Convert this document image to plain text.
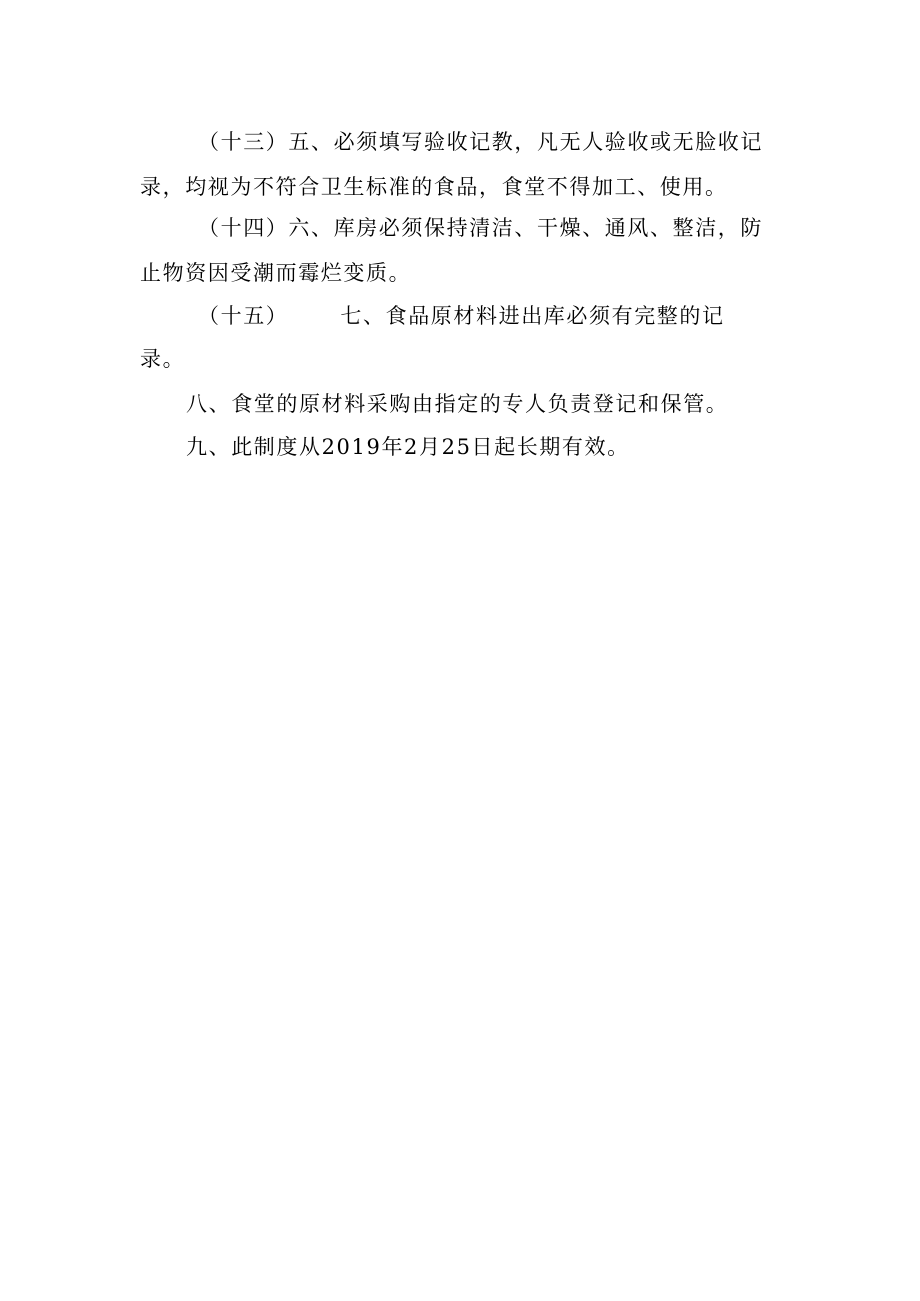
（十三）五、必须填写验收记教，凡无人验收或无脸收记
录，均视为不符合卫生标准的食品，食堂不得加工、使用。
（十四）六、库房必须保持清洁、干燥、通风、整洁，防
止物资因受潮而霉烂变质。
（十五） 七、食品原材料进出库必须有完整的记
录。
八、食堂的原材料采购由指定的专人负责登记和保管。
九、此制度从2019年2月25日起长期有效。
